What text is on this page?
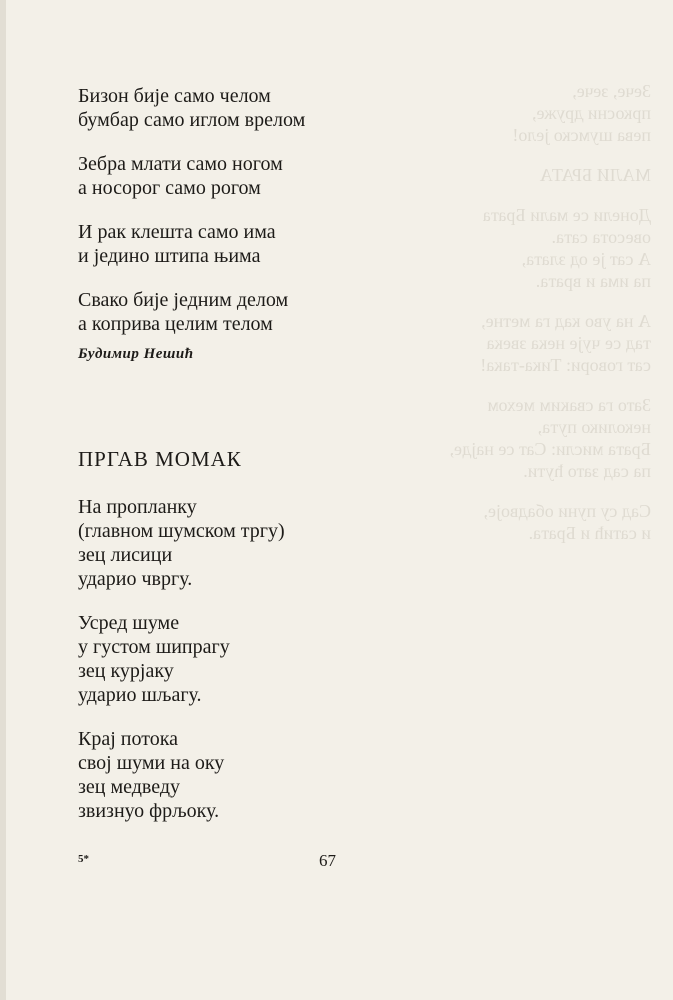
Зече, зече,
пркосни друже,
пева шумско јело!

МАЛИ БРАТА

Донели се мали Брата
овесота сата.
А сат је од злата,
па има и врата.

А на уво кад га метне,
тад се чује нека звека
сат говори: Тика-така!

Зато га сваким мехом
неколико пута,
Брата мисли: Сат се најде,
па сад зато ћути.

Сад су пуни обадвоје,
и сатић и Брата.

Бизон бије само челом
бумбар само иглом врелом
Зебра млати само ногом
а носорог само рогом
И рак клешта само има
и једино штипа њима
Свако бије једним делом
а коприва целим телом
Будимир Нешић
ПРГАВ МОМАК
На пропланку
(главном шумском тргу)
зец лисици
ударио чвргу.
Усред шуме
у густом шипрагу
зец курјаку
ударио шљагу.
Крај потока
свој шуми на оку
зец медведу
звизнуо фрљоку.
5*	67
